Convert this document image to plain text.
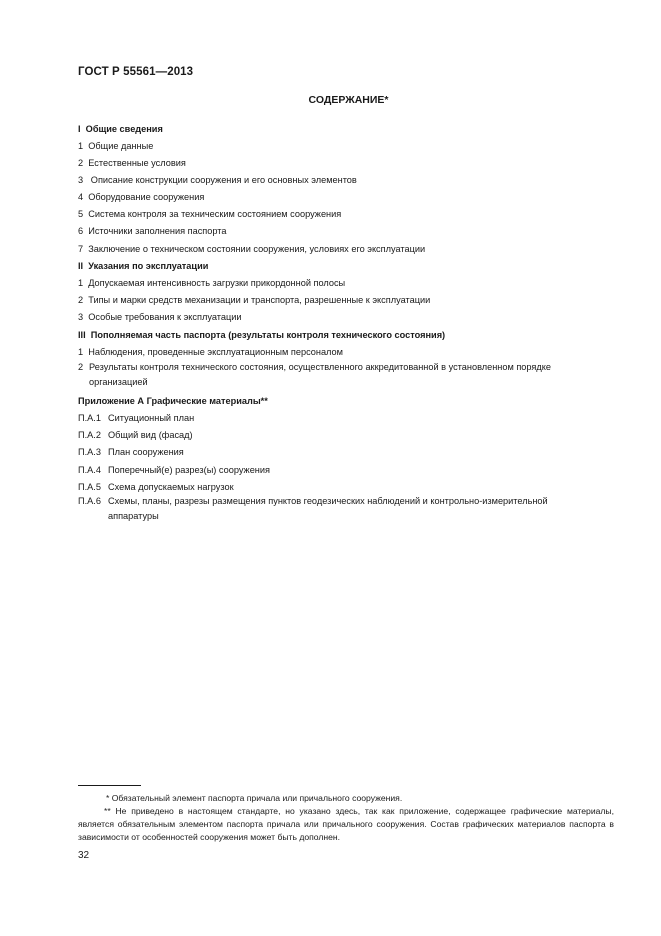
ГОСТ Р 55561—2013
СОДЕРЖАНИЕ*
I Общие сведения
1 Общие данные
2 Естественные условия
3 Описание конструкции сооружения и его основных элементов
4 Оборудование сооружения
5 Система контроля за техническим состоянием сооружения
6 Источники заполнения паспорта
7 Заключение о техническом состоянии сооружения, условиях его эксплуатации
II Указания по эксплуатации
1 Допускаемая интенсивность загрузки прикордонной полосы
2 Типы и марки средств механизации и транспорта, разрешенные к эксплуатации
3 Особые требования к эксплуатации
III Пополняемая часть паспорта (результаты контроля технического состояния)
1 Наблюдения, проведенные эксплуатационным персоналом
2 Результаты контроля технического состояния, осуществленного аккредитованной в установленном порядке организацией
Приложение А Графические материалы**
П.А.1 Ситуационный план
П.А.2 Общий вид (фасад)
П.А.3 План сооружения
П.А.4 Поперечный(е) разрез(ы) сооружения
П.А.5 Схема допускаемых нагрузок
П.А.6 Схемы, планы, разрезы размещения пунктов геодезических наблюдений и контрольно-измерительной аппаратуры
* Обязательный элемент паспорта причала или причального сооружения.
** Не приведено в настоящем стандарте, но указано здесь, так как приложение, содержащее графические материалы, является обязательным элементом паспорта причала или причального сооружения. Состав графических материалов паспорта в зависимости от особенностей сооружения может быть дополнен.
32
